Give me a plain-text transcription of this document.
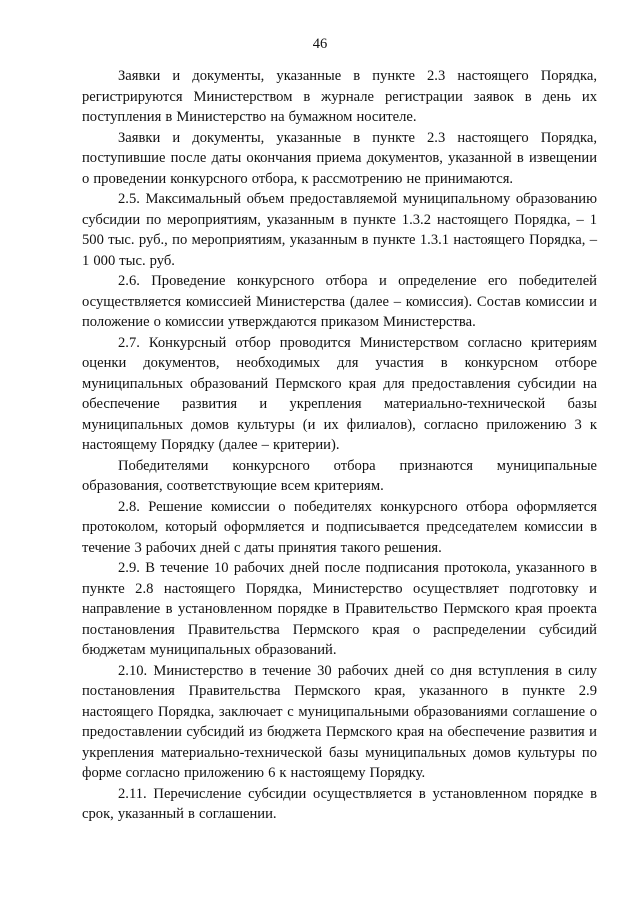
46

Заявки и документы, указанные в пункте 2.3 настоящего Порядка, регистрируются Министерством в журнале регистрации заявок в день их поступления в Министерство на бумажном носителе.

Заявки и документы, указанные в пункте 2.3 настоящего Порядка, поступившие после даты окончания приема документов, указанной в извещении о проведении конкурсного отбора, к рассмотрению не принимаются.

2.5. Максимальный объем предоставляемой муниципальному образованию субсидии по мероприятиям, указанным в пункте 1.3.2 настоящего Порядка, – 1 500 тыс. руб., по мероприятиям, указанным в пункте 1.3.1 настоящего Порядка, – 1 000 тыс. руб.

2.6. Проведение конкурсного отбора и определение его победителей осуществляется комиссией Министерства (далее – комиссия). Состав комиссии и положение о комиссии утверждаются приказом Министерства.

2.7. Конкурсный отбор проводится Министерством согласно критериям оценки документов, необходимых для участия в конкурсном отборе муниципальных образований Пермского края для предоставления субсидии на обеспечение развития и укрепления материально-технической базы муниципальных домов культуры (и их филиалов), согласно приложению 3 к настоящему Порядку (далее – критерии).

Победителями конкурсного отбора признаются муниципальные образования, соответствующие всем критериям.

2.8. Решение комиссии о победителях конкурсного отбора оформляется протоколом, который оформляется и подписывается председателем комиссии в течение 3 рабочих дней с даты принятия такого решения.

2.9. В течение 10 рабочих дней после подписания протокола, указанного в пункте 2.8 настоящего Порядка, Министерство осуществляет подготовку и направление в установленном порядке в Правительство Пермского края проекта постановления Правительства Пермского края о распределении субсидий бюджетам муниципальных образований.

2.10. Министерство в течение 30 рабочих дней со дня вступления в силу постановления Правительства Пермского края, указанного в пункте 2.9 настоящего Порядка, заключает с муниципальными образованиями соглашение о предоставлении субсидий из бюджета Пермского края на обеспечение развития и укрепления материально-технической базы муниципальных домов культуры по форме согласно приложению 6 к настоящему Порядку.

2.11. Перечисление субсидии осуществляется в установленном порядке в срок, указанный в соглашении.
